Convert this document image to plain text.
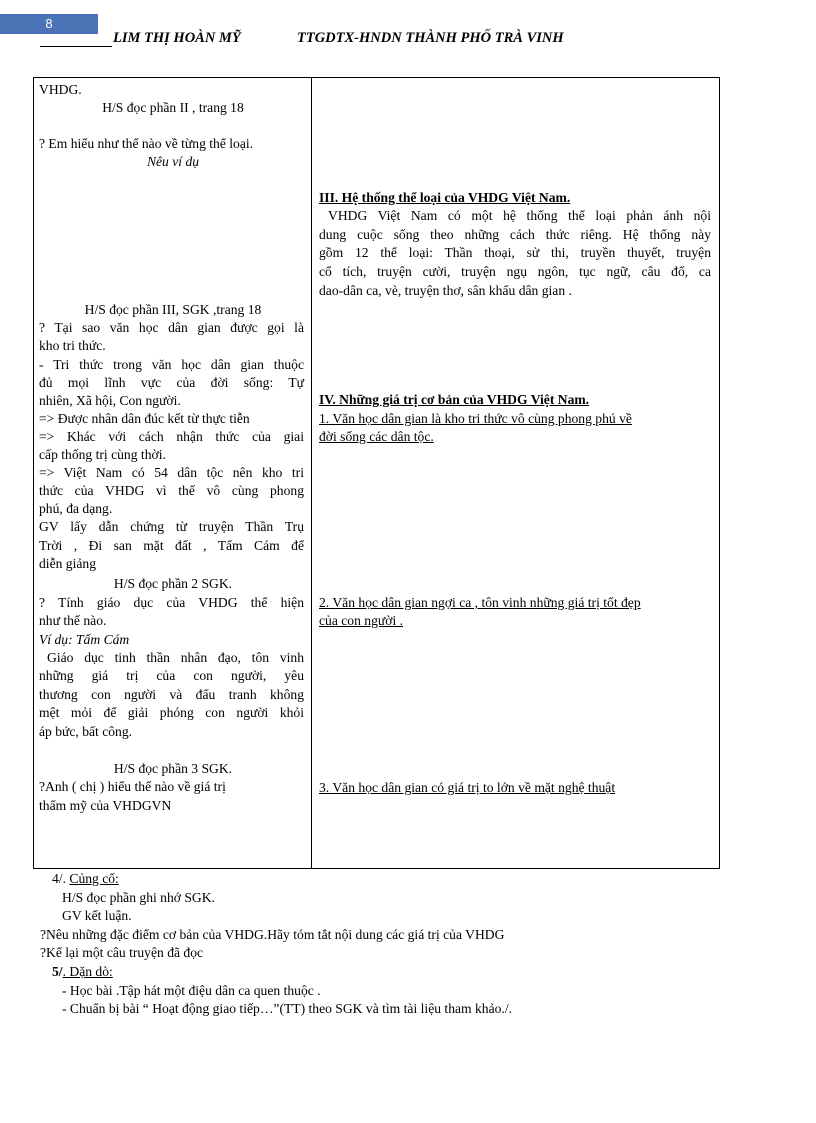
8
LIM THỊ HOÀN MỸ	TTGDTX-HNDN THÀNH PHỐ TRÀ VINH
VHDG.
H/S đọc phần II , trang 18
? Em hiểu như thế nào về từng thể loại.
Nêu ví dụ
H/S đọc phần III, SGK ,trang 18
? Tại sao văn học dân gian được gọi là
kho tri thức.
- Tri thức trong văn học dân gian thuộc
đủ mọi lĩnh vực của đời sống: Tự
nhiên, Xã hội, Con người.
=> Được nhân dân đúc kết từ thực tiễn
=> Khác với cách nhận thức của giai
cấp thống trị cùng thời.
=> Việt Nam có 54 dân tộc nên kho tri
thức của VHDG vì thế vô cùng phong
phú, đa dạng.
GV lấy dẫn chứng từ truyện Thần Trụ
Trời , Đi san mặt đất , Tấm Cám để
diễn giảng
H/S đọc phần 2 SGK.
? Tính giáo dục của VHDG thể hiện
như thế nào.
Ví dụ: Tấm Cám
Giáo dục tinh thần nhân đạo, tôn vinh
những giá trị của con người, yêu
thương con người và đấu tranh không
mệt mỏi để giải phóng con người khỏi
áp bức, bất công.
H/S đọc phần 3 SGK.
?Anh ( chị ) hiểu thế nào về giá trị
thẩm mỹ của VHDGVN

III. Hệ thống thể loại của VHDG Việt Nam.
VHDG Việt Nam có một hệ thống thể loại phản ánh nội
dung cuộc sống theo những cách thức riêng. Hệ thống này
gồm 12 thể loại: Thần thoại, sử thi, truyền thuyết, truyện
cổ tích, truyện cười, truyện ngụ ngôn, tục ngữ, câu đố, ca
dao-dân ca, vè, truyện thơ, sân khấu dân gian .
IV. Những giá trị cơ bản của VHDG Việt Nam.
1. Văn học dân gian là kho tri thức vô cùng phong phú về
đời sống các dân tộc.
2. Văn học dân gian ngợi ca , tôn vinh những giá trị tốt đẹp
của con người .
3. Văn học dân gian có giá trị to lớn về mặt nghệ thuật
4/. Củng cố:
H/S đọc phần ghi nhớ SGK.
GV kết luận.
?Nêu những đặc điểm cơ bản của VHDG.Hãy tóm tắt nội dung các giá trị của VHDG
?Kể lại một câu truyện đã đọc
5/. Dặn dò:
- Học bài .Tập hát một điệu dân ca quen thuộc .
- Chuẩn bị bài “ Hoạt động giao tiếp…”(TT) theo SGK và tìm tài liệu tham khảo./.
